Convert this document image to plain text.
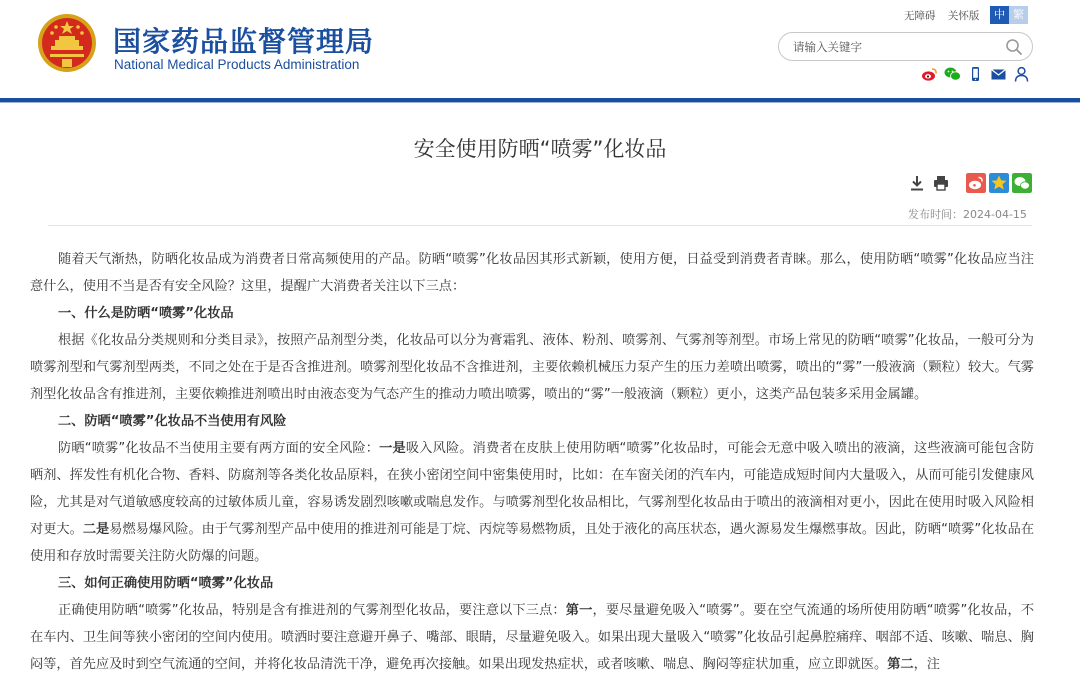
国家药品监督管理局
National Medical Products Administration
无障碍 关怀版	中 繁
请输入关键字
安全使用防晒“喷雾”化妆品
发布时间：2024-04-15

随着天气渐热，防晒化妆品成为消费者日常高频使用的产品。防晒“喷雾”化妆品因其形式新颖，使用方便，日益受到消费者青睐。那么，使用防晒“喷雾”化妆品应当注意什么，使用不当是否有安全风险？这里，提醒广大消费者关注以下三点：

一、什么是防晒“喷雾”化妆品

根据《化妆品分类规则和分类目录》，按照产品剂型分类，化妆品可以分为膏霜乳、液体、粉剂、喷雾剂、气雾剂等剂型。市场上常见的防晒“喷雾”化妆品，一般可分为喷雾剂型和气雾剂型两类，不同之处在于是否含推进剂。喷雾剂型化妆品不含推进剂，主要依赖机械压力泵产生的压力差喷出喷雾，喷出的“雾”一般液滴（颗粒）较大。气雾剂型化妆品含有推进剂，主要依赖推进剂喷出时由液态变为气态产生的推动力喷出喷雾，喷出的“雾”一般液滴（颗粒）更小，这类产品包装多采用金属罐。

二、防晒“喷雾”化妆品不当使用有风险

防晒“喷雾”化妆品不当使用主要有两方面的安全风险：一是吸入风险。消费者在皮肤上使用防晒“喷雾”化妆品时，可能会无意中吸入喷出的液滴，这些液滴可能包含防晒剂、挥发性有机化合物、香料、防腐剂等各类化妆品原料，在狭小密闭空间中密集使用时，比如：在车窗关闭的汽车内，可能造成短时间内大量吸入，从而可能引发健康风险，尤其是对气道敏感度较高的过敏体质儿童，容易诱发剧烈咳嗽或喘息发作。与喷雾剂型化妆品相比，气雾剂型化妆品由于喷出的液滴相对更小，因此在使用时吸入风险相对更大。二是易燃易爆风险。由于气雾剂型产品中使用的推进剂可能是丁烷、丙烷等易燃物质，且处于液化的高压状态，遇火源易发生爆燃事故。因此，防晒“喷雾”化妆品在使用和存放时需要关注防火防爆的问题。

三、如何正确使用防晒“喷雾”化妆品

正确使用防晒“喷雾”化妆品，特别是含有推进剂的气雾剂型化妆品，要注意以下三点：第一，要尽量避免吸入“喷雾”。要在空气流通的场所使用防晒“喷雾”化妆品，不在车内、卫生间等狭小密闭的空间内使用。喷洒时要注意避开鼻子、嘴部、眼睛，尽量避免吸入。如果出现大量吸入“喷雾”化妆品引起鼻腔痛痒、咽部不适、咳嗽、喘息、胸闷等，首先应及时到空气流通的空间，并将化妆品清洗干净，避免再次接触。如果出现发热症状，或者咳嗽、喘息、胸闷等症状加重，应立即就医。第二，注
